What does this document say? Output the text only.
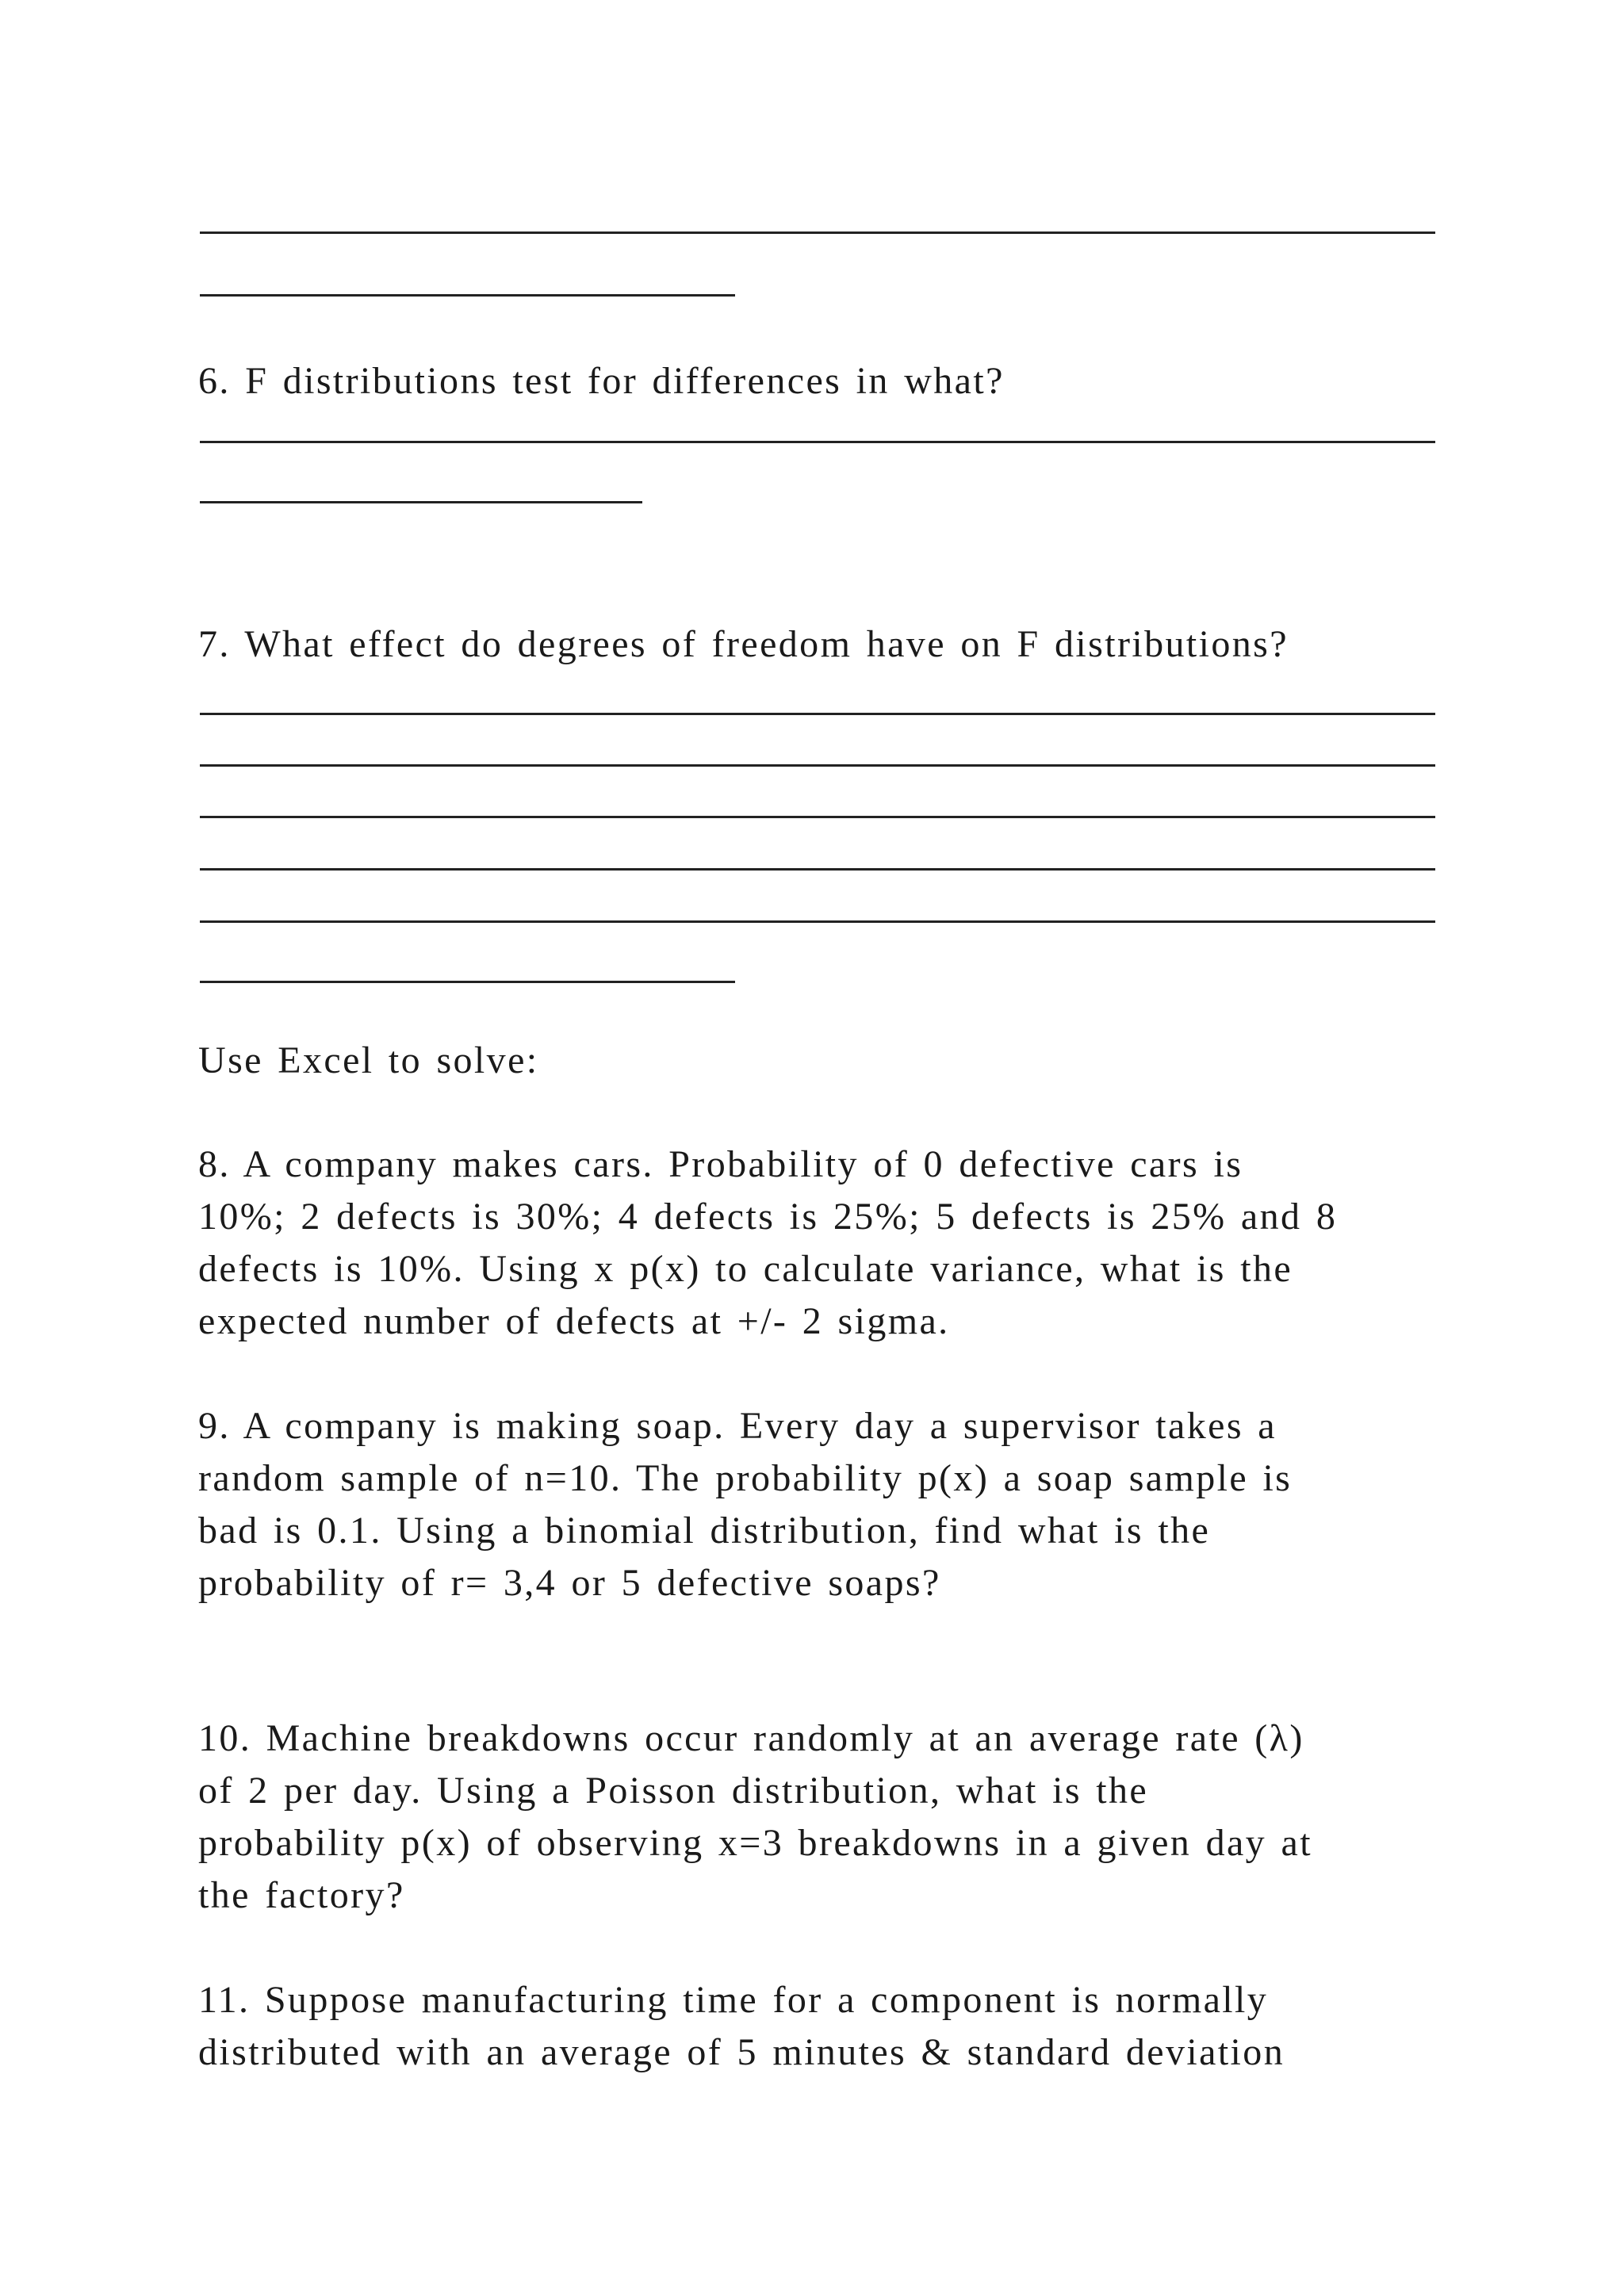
6. F distributions test for differences in what?
7. What effect do degrees of freedom have on F distributions?
Use Excel to solve:
8. A company makes cars. Probability of 0 defective cars is
10%; 2 defects is 30%; 4 defects is 25%; 5 defects is 25% and 8
defects is 10%. Using x p(x) to calculate variance, what is the
expected number of defects at +/- 2 sigma.
9. A company is making soap. Every day a supervisor takes a
random sample of n=10. The probability p(x) a soap sample is
bad is 0.1. Using a binomial distribution, find what is the
probability of r= 3,4 or 5 defective soaps?
10. Machine breakdowns occur randomly at an average rate (λ)
of 2 per day. Using a Poisson distribution, what is the
probability p(x) of observing x=3 breakdowns in a given day at
the factory?
11. Suppose manufacturing time for a component is normally
distributed with an average of 5 minutes & standard deviation
